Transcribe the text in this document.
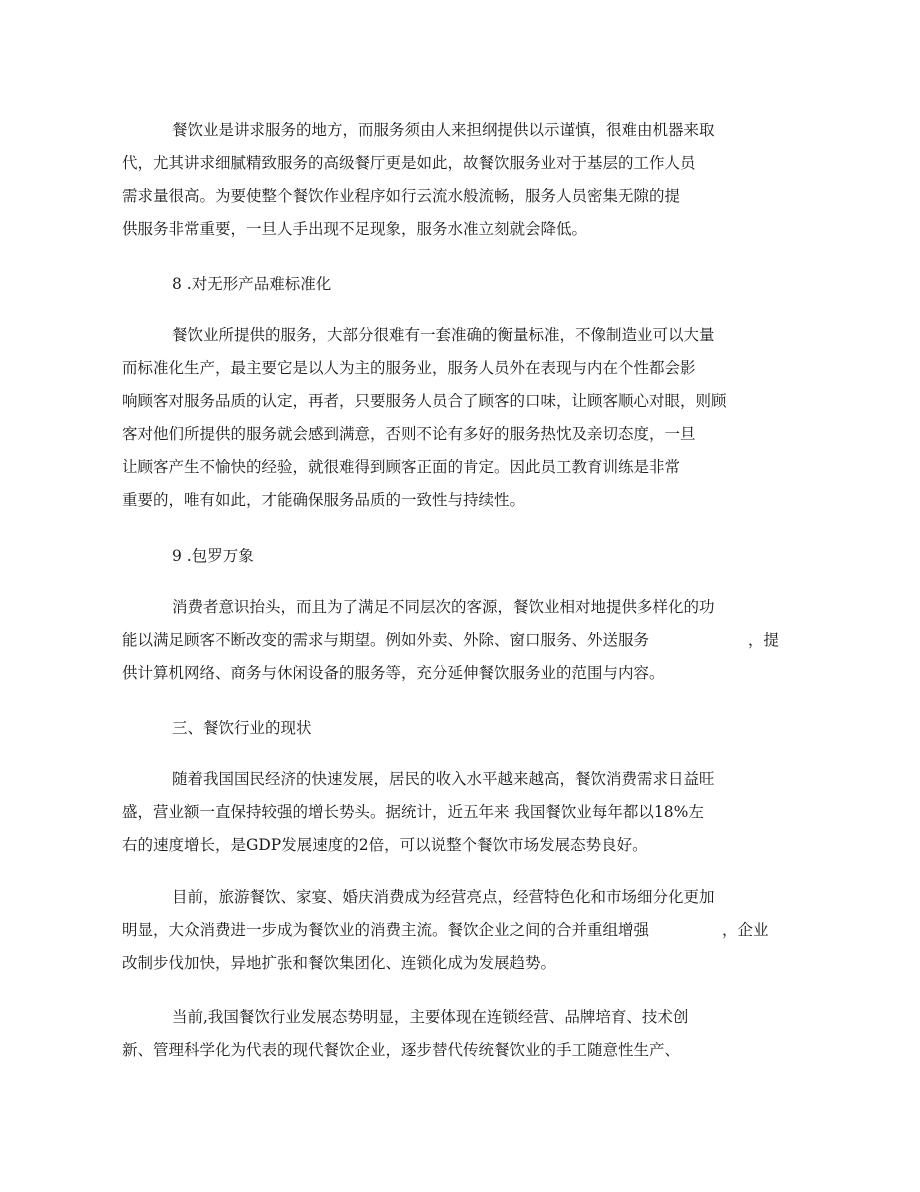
餐饮业是讲求服务的地方，而服务须由人来担纲提供以示谨慎，很难由机器来取
代，尤其讲求细腻精致服务的高级餐厅更是如此，故餐饮服务业对于基层的工作人员
需求量很高。为要使整个餐饮作业程序如行云流水般流畅，服务人员密集无隙的提
供服务非常重要，一旦人手出现不足现象，服务水准立刻就会降低。
8 .对无形产品难标准化
餐饮业所提供的服务，大部分很难有一套准确的衡量标准，不像制造业可以大量
而标准化生产，最主要它是以人为主的服务业，服务人员外在表现与内在个性都会影
响顾客对服务品质的认定，再者，只要服务人员合了顾客的口味，让顾客顺心对眼，则顾
客对他们所提供的服务就会感到满意，否则不论有多好的服务热忱及亲切态度，一旦
让顾客产生不愉快的经验，就很难得到顾客正面的肯定。因此员工教育训练是非常
重要的，唯有如此，才能确保服务品质的一致性与持续性。
9 .包罗万象
消费者意识抬头，而且为了满足不同层次的客源，餐饮业相对地提供多样化的功
能以满足顾客不断改变的需求与期望。例如外卖、外除、窗口服务、外送服务	，提
供计算机网络、商务与休闲设备的服务等，充分延伸餐饮服务业的范围与内容。
三、餐饮行业的现状
随着我国国民经济的快速发展，居民的收入水平越来越高，餐饮消费需求日益旺
盛，营业额一直保持较强的增长势头。据统计，近五年来 我国餐饮业每年都以18%左
右的速度增长，是GDP发展速度的2倍，可以说整个餐饮市场发展态势良好。
目前，旅游餐饮、家宴、婚庆消费成为经营亮点，经营特色化和市场细分化更加
明显，大众消费进一步成为餐饮业的消费主流。餐饮企业之间的合并重组增强	，企业
改制步伐加快，异地扩张和餐饮集团化、连锁化成为发展趋势。
当前,我国餐饮行业发展态势明显，主要体现在连锁经营、品牌培育、技术创
新、管理科学化为代表的现代餐饮企业，逐步替代传统餐饮业的手工随意性生产、
